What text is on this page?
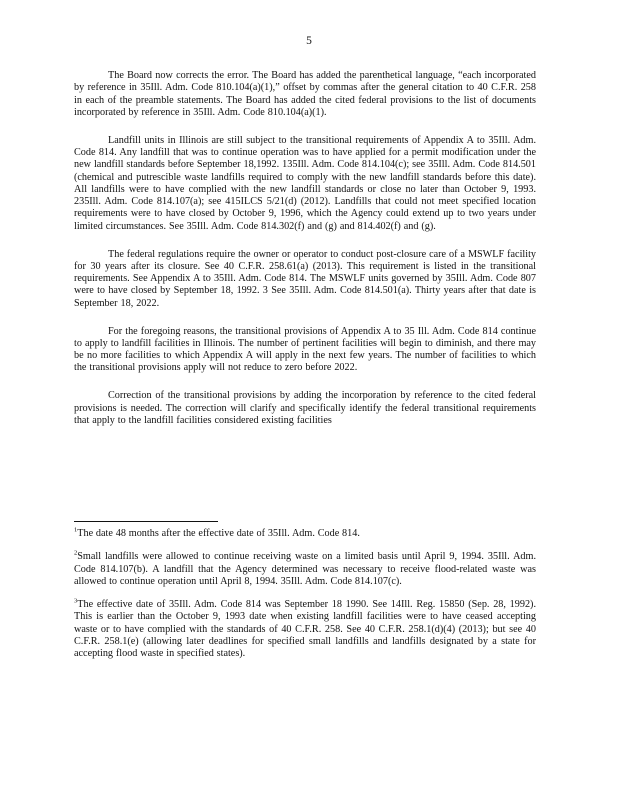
5

The Board now corrects the error. The Board has added the parenthetical language, “each incorporated by reference in 35Ill. Adm. Code 810.104(a)(1),” offset by commas after the general citation to 40 C.F.R. 258 in each of the preamble statements. The Board has added the cited federal provisions to the list of documents incorporated by reference in 35Ill. Adm. Code 810.104(a)(1).

Landfill units in Illinois are still subject to the transitional requirements of Appendix A to 35Ill. Adm. Code 814. Any landfill that was to continue operation was to have applied for a permit modification under the new landfill standards before September 18,1992. 135Ill. Adm. Code 814.104(c); see 35Ill. Adm. Code 814.501 (chemical and putrescible waste landfills required to comply with the new landfill standards before this date). All landfills were to have complied with the new landfill standards or close no later than October 9, 1993. 235Ill. Adm. Code 814.107(a); see 415ILCS 5/21(d) (2012). Landfills that could not meet specified location requirements were to have closed by October 9, 1996, which the Agency could extend up to two years under limited circumstances. See 35Ill. Adm. Code 814.302(f) and (g) and 814.402(f) and (g).

The federal regulations require the owner or operator to conduct post-closure care of a MSWLF facility for 30 years after its closure. See 40 C.F.R. 258.61(a) (2013). This requirement is listed in the transitional requirements. See Appendix A to 35Ill. Adm. Code 814. The MSWLF units governed by 35Ill. Adm. Code 807 were to have closed by September 18, 1992. 3 See 35Ill. Adm. Code 814.501(a). Thirty years after that date is September 18, 2022.

For the foregoing reasons, the transitional provisions of Appendix A to 35 Ill. Adm. Code 814 continue to apply to landfill facilities in Illinois. The number of pertinent facilities will begin to diminish, and there may be no more facilities to which Appendix A will apply in the next few years. The number of facilities to which the transitional provisions apply will not reduce to zero before 2022.

Correction of the transitional provisions by adding the incorporation by reference to the cited federal provisions is needed. The correction will clarify and specifically identify the federal transitional requirements that apply to the landfill facilities considered existing facilities

$^1$The date 48 months after the effective date of 35Ill. Adm. Code 814.

$^2$Small landfills were allowed to continue receiving waste on a limited basis until April 9, 1994. 35Ill. Adm. Code 814.107(b). A landfill that the Agency determined was necessary to receive flood-related waste was allowed to continue operation until April 8, 1994. 35Ill. Adm. Code 814.107(c).

$^3$The effective date of 35Ill. Adm. Code 814 was September 18 1990. See 14Ill. Reg. 15850 (Sep. 28, 1992). This is earlier than the October 9, 1993 date when existing landfill facilities were to have ceased accepting waste or to have complied with the standards of 40 C.F.R. 258. See 40 C.F.R. 258.1(d)(4) (2013); but see 40 C.F.R. 258.1(e) (allowing later deadlines for specified small landfills and landfills designated by a state for accepting flood waste in specified states).
